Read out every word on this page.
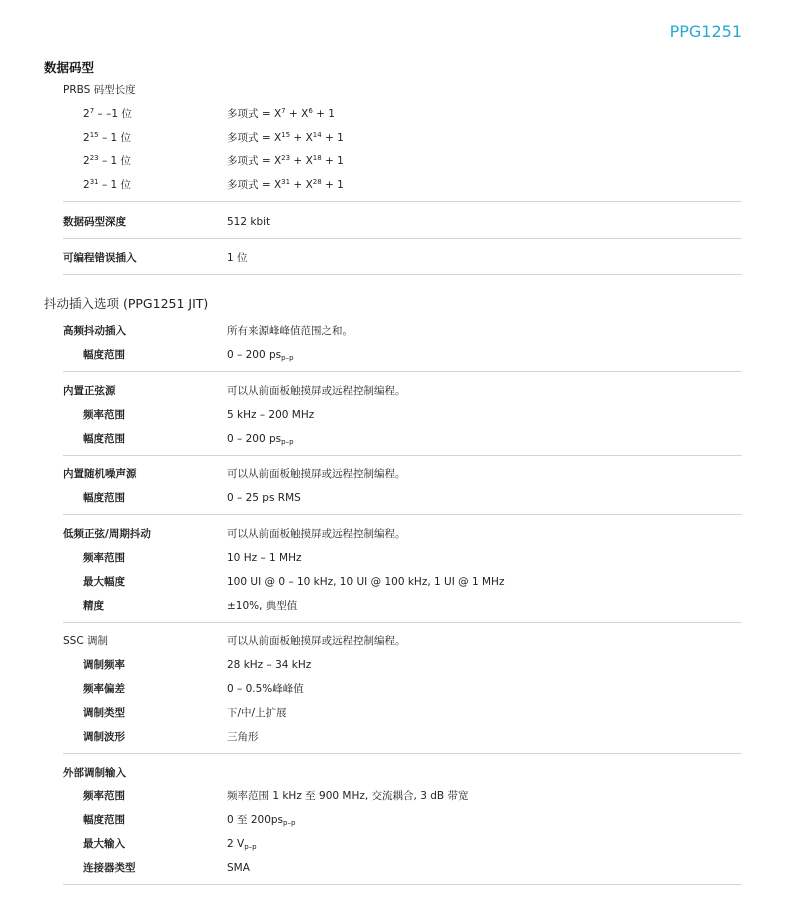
PPG1251
数据码型
PRBS 码型长度
$2^7 - -1$ 位	多项式 = $X^7 + X^6 + 1$
$2^{15} - 1$ 位	多项式 = $X^{15} + X^{14} + 1$
$2^{23} - 1$ 位	多项式 = $X^{23} + X^{18} + 1$
$2^{31} - 1$ 位	多项式 = $X^{31} + X^{28} + 1$
数据码型深度	512 kbit
可编程错误插入	1 位
抖动插入选项 (PPG1251 JIT)
高频抖动插入	所有来源峰峰值范围之和。
幅度范围	0 – 200 $ps_{p-p}$
内置正弦源	可以从前面板触摸屏或远程控制编程。
频率范围	5 kHz – 200 MHz
幅度范围	0 – 200 $ps_{p-p}$
内置随机噪声源	可以从前面板触摸屏或远程控制编程。
幅度范围	0 – 25 ps RMS
低频正弦/周期抖动	可以从前面板触摸屏或远程控制编程。
频率范围	10 Hz – 1 MHz
最大幅度	100 UI @ 0 – 10 kHz, 10 UI @ 100 kHz, 1 UI @ 1 MHz
精度	±10%, 典型值
SSC 调制	可以从前面板触摸屏或远程控制编程。
调制频率	28 kHz – 34 kHz
频率偏差	0 – 0.5%峰峰值
调制类型	下/中/上扩展
调制波形	三角形
外部调制输入
频率范围	频率范围 1 kHz 至 900 MHz, 交流耦合, 3 dB 带宽
幅度范围	0 至 $200ps_{p-p}$
最大输入	2 $V_{p-p}$
连接器类型	SMA
